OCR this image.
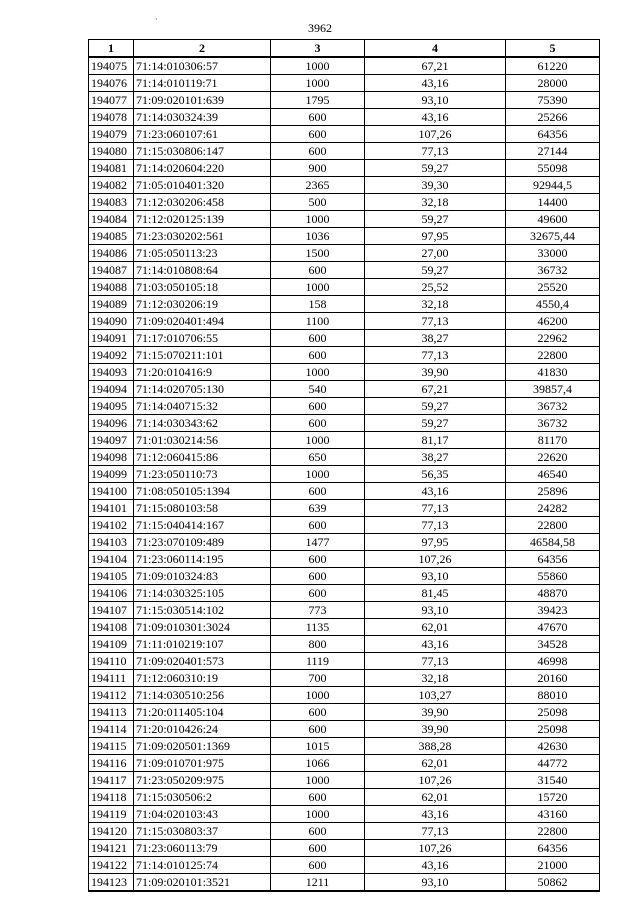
·
3962
1	2	3	4	5
194075	71:14:010306:57	1000	67,21	61220
194076	71:14:010119:71	1000	43,16	28000
194077	71:09:020101:639	1795	93,10	75390
194078	71:14:030324:39	600	43,16	25266
194079	71:23:060107:61	600	107,26	64356
194080	71:15:030806:147	600	77,13	27144
194081	71:14:020604:220	900	59,27	55098
194082	71:05:010401:320	2365	39,30	92944,5
194083	71:12:030206:458	500	32,18	14400
194084	71:12:020125:139	1000	59,27	49600
194085	71:23:030202:561	1036	97,95	32675,44
194086	71:05:050113:23	1500	27,00	33000
194087	71:14:010808:64	600	59,27	36732
194088	71:03:050105:18	1000	25,52	25520
194089	71:12:030206:19	158	32,18	4550,4
194090	71:09:020401:494	1100	77,13	46200
194091	71:17:010706:55	600	38,27	22962
194092	71:15:070211:101	600	77,13	22800
194093	71:20:010416:9	1000	39,90	41830
194094	71:14:020705:130	540	67,21	39857,4
194095	71:14:040715:32	600	59,27	36732
194096	71:14:030343:62	600	59,27	36732
194097	71:01:030214:56	1000	81,17	81170
194098	71:12:060415:86	650	38,27	22620
194099	71:23:050110:73	1000	56,35	46540
194100	71:08:050105:1394	600	43,16	25896
194101	71:15:080103:58	639	77,13	24282
194102	71:15:040414:167	600	77,13	22800
194103	71:23:070109:489	1477	97,95	46584,58
194104	71:23:060114:195	600	107,26	64356
194105	71:09:010324:83	600	93,10	55860
194106	71:14:030325:105	600	81,45	48870
194107	71:15:030514:102	773	93,10	39423
194108	71:09:010301:3024	1135	62,01	47670
194109	71:11:010219:107	800	43,16	34528
194110	71:09:020401:573	1119	77,13	46998
194111	71:12:060310:19	700	32,18	20160
194112	71:14:030510:256	1000	103,27	88010
194113	71:20:011405:104	600	39,90	25098
194114	71:20:010426:24	600	39,90	25098
194115	71:09:020501:1369	1015	388,28	42630
194116	71:09:010701:975	1066	62,01	44772
194117	71:23:050209:975	1000	107,26	31540
194118	71:15:030506:2	600	62,01	15720
194119	71:04:020103:43	1000	43,16	43160
194120	71:15:030803:37	600	77,13	22800
194121	71:23:060113:79	600	107,26	64356
194122	71:14:010125:74	600	43,16	21000
194123	71:09:020101:3521	1211	93,10	50862
